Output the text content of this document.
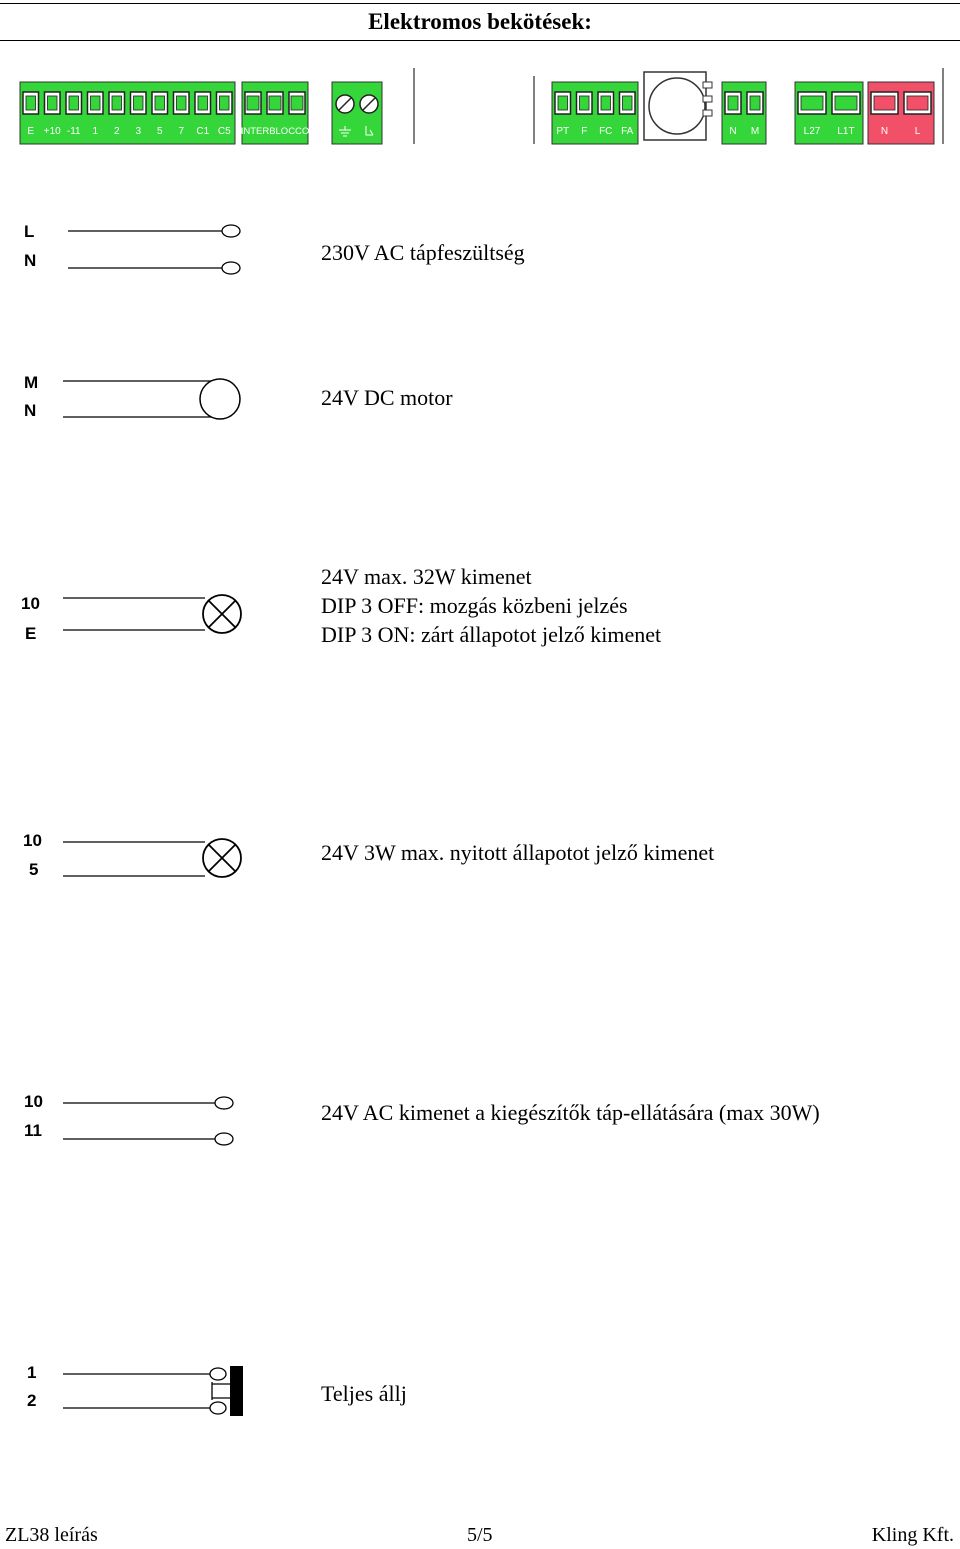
Elektromos bekötések:
E +10 -11 1 2 3 5 7 C1 C5 INTERBLOCCO	PT F FC FA	N M	L27 L1T	N	L
L
N	230V AC tápfeszültség
M
N
24V DC motor
10
E
24V max. 32W kimenet
DIP 3 OFF: mozgás közbeni jelzés
DIP 3 ON: zárt állapotot jelző kimenet
10
5
24V 3W max. nyitott állapotot jelző kimenet
10
11
24V AC kimenet a kiegészítők táp-ellátására (max 30W)
1
2	Teljes állj
ZL38 leírás	5/5	Kling Kft.
